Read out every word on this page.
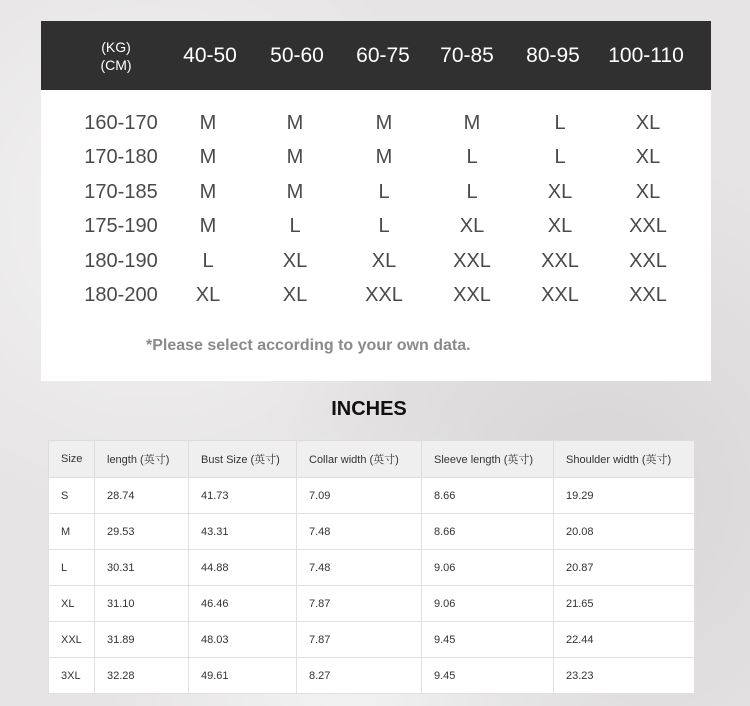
(KG)
(CM)	40-50 50-60 60-75 70-85 80-95 100-110
160-170 M	M	M	M	L	XL
170-180 M	M	M	L	L	XL
170-185 M	M	L	L	XL	XL
175-190 M	L	L	XL	XL	XXL
180-190 L	XL	XL	XXL	XXL	XXL
180-200 XL	XL	XXL	XXL	XXL	XXL
*Please select according to your own data.
INCHES
Size	length (英寸)	Bust Size (英寸)	Collar width (英寸)	Sleeve length (英寸)	Shoulder width (英寸)
S	28.74	41.73	7.09	8.66	19.29
M	29.53	43.31	7.48	8.66	20.08
L	30.31	44.88	7.48	9.06	20.87
XL	31.10	46.46	7.87	9.06	21.65
XXL	31.89	48.03	7.87	9.45	22.44
3XL	32.28	49.61	8.27	9.45	23.23
